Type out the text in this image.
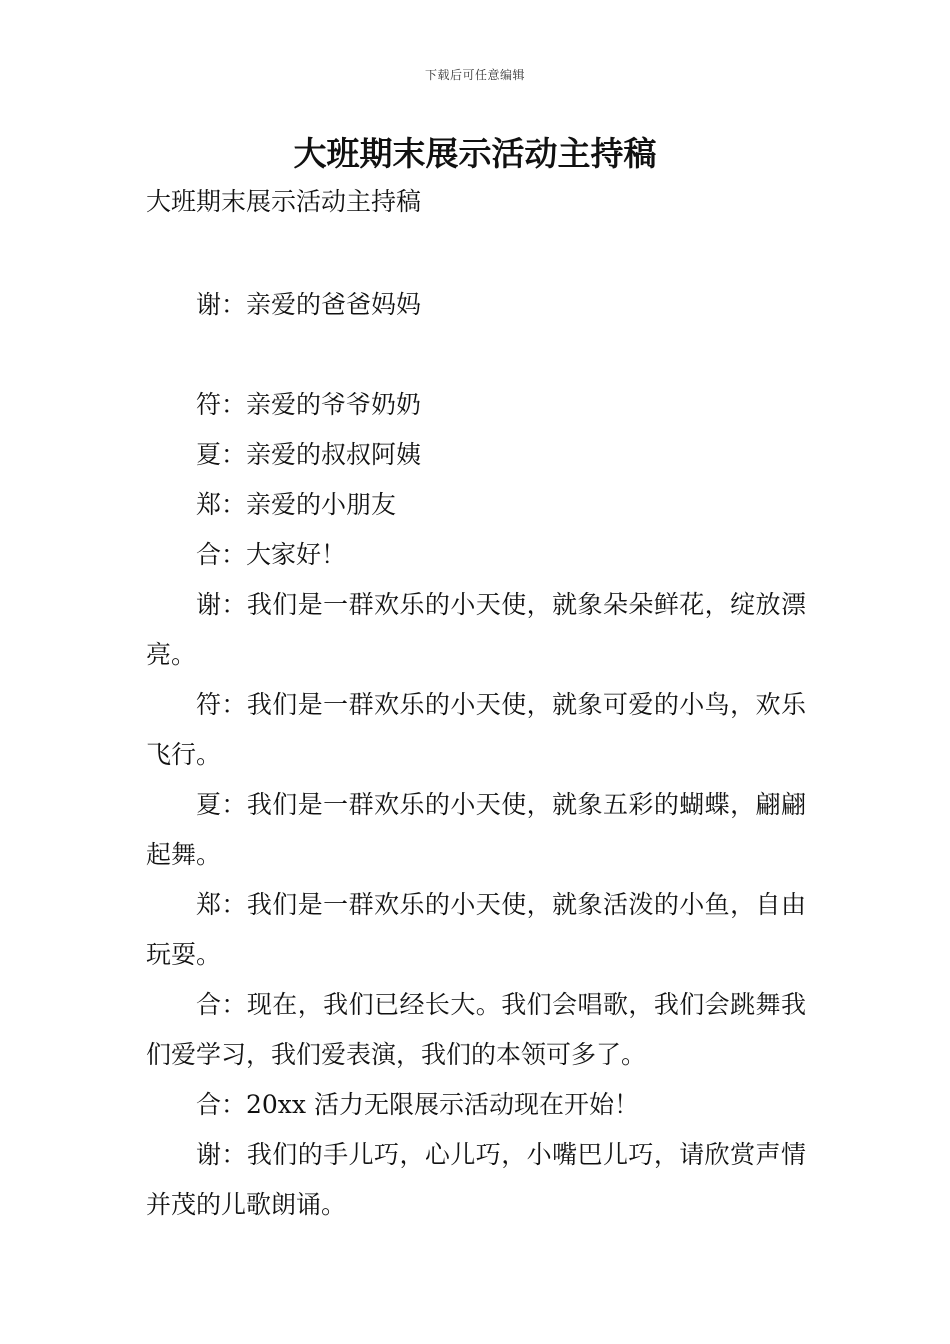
下载后可任意编辑
大班期末展示活动主持稿

大班期末展示活动主持稿

谢：亲爱的爸爸妈妈

符：亲爱的爷爷奶奶

夏：亲爱的叔叔阿姨

郑：亲爱的小朋友

合：大家好！

谢：我们是一群欢乐的小天使，就象朵朵鲜花，绽放漂亮。

符：我们是一群欢乐的小天使，就象可爱的小鸟，欢乐飞行。

夏：我们是一群欢乐的小天使，就象五彩的蝴蝶，翩翩起舞。

郑：我们是一群欢乐的小天使，就象活泼的小鱼，自由玩耍。

合：现在，我们已经长大。我们会唱歌，我们会跳舞我们爱学习，我们爱表演，我们的本领可多了。

合：20xx 活力无限展示活动现在开始！

谢：我们的手儿巧，心儿巧，小嘴巴儿巧，请欣赏声情并茂的儿歌朗诵。
